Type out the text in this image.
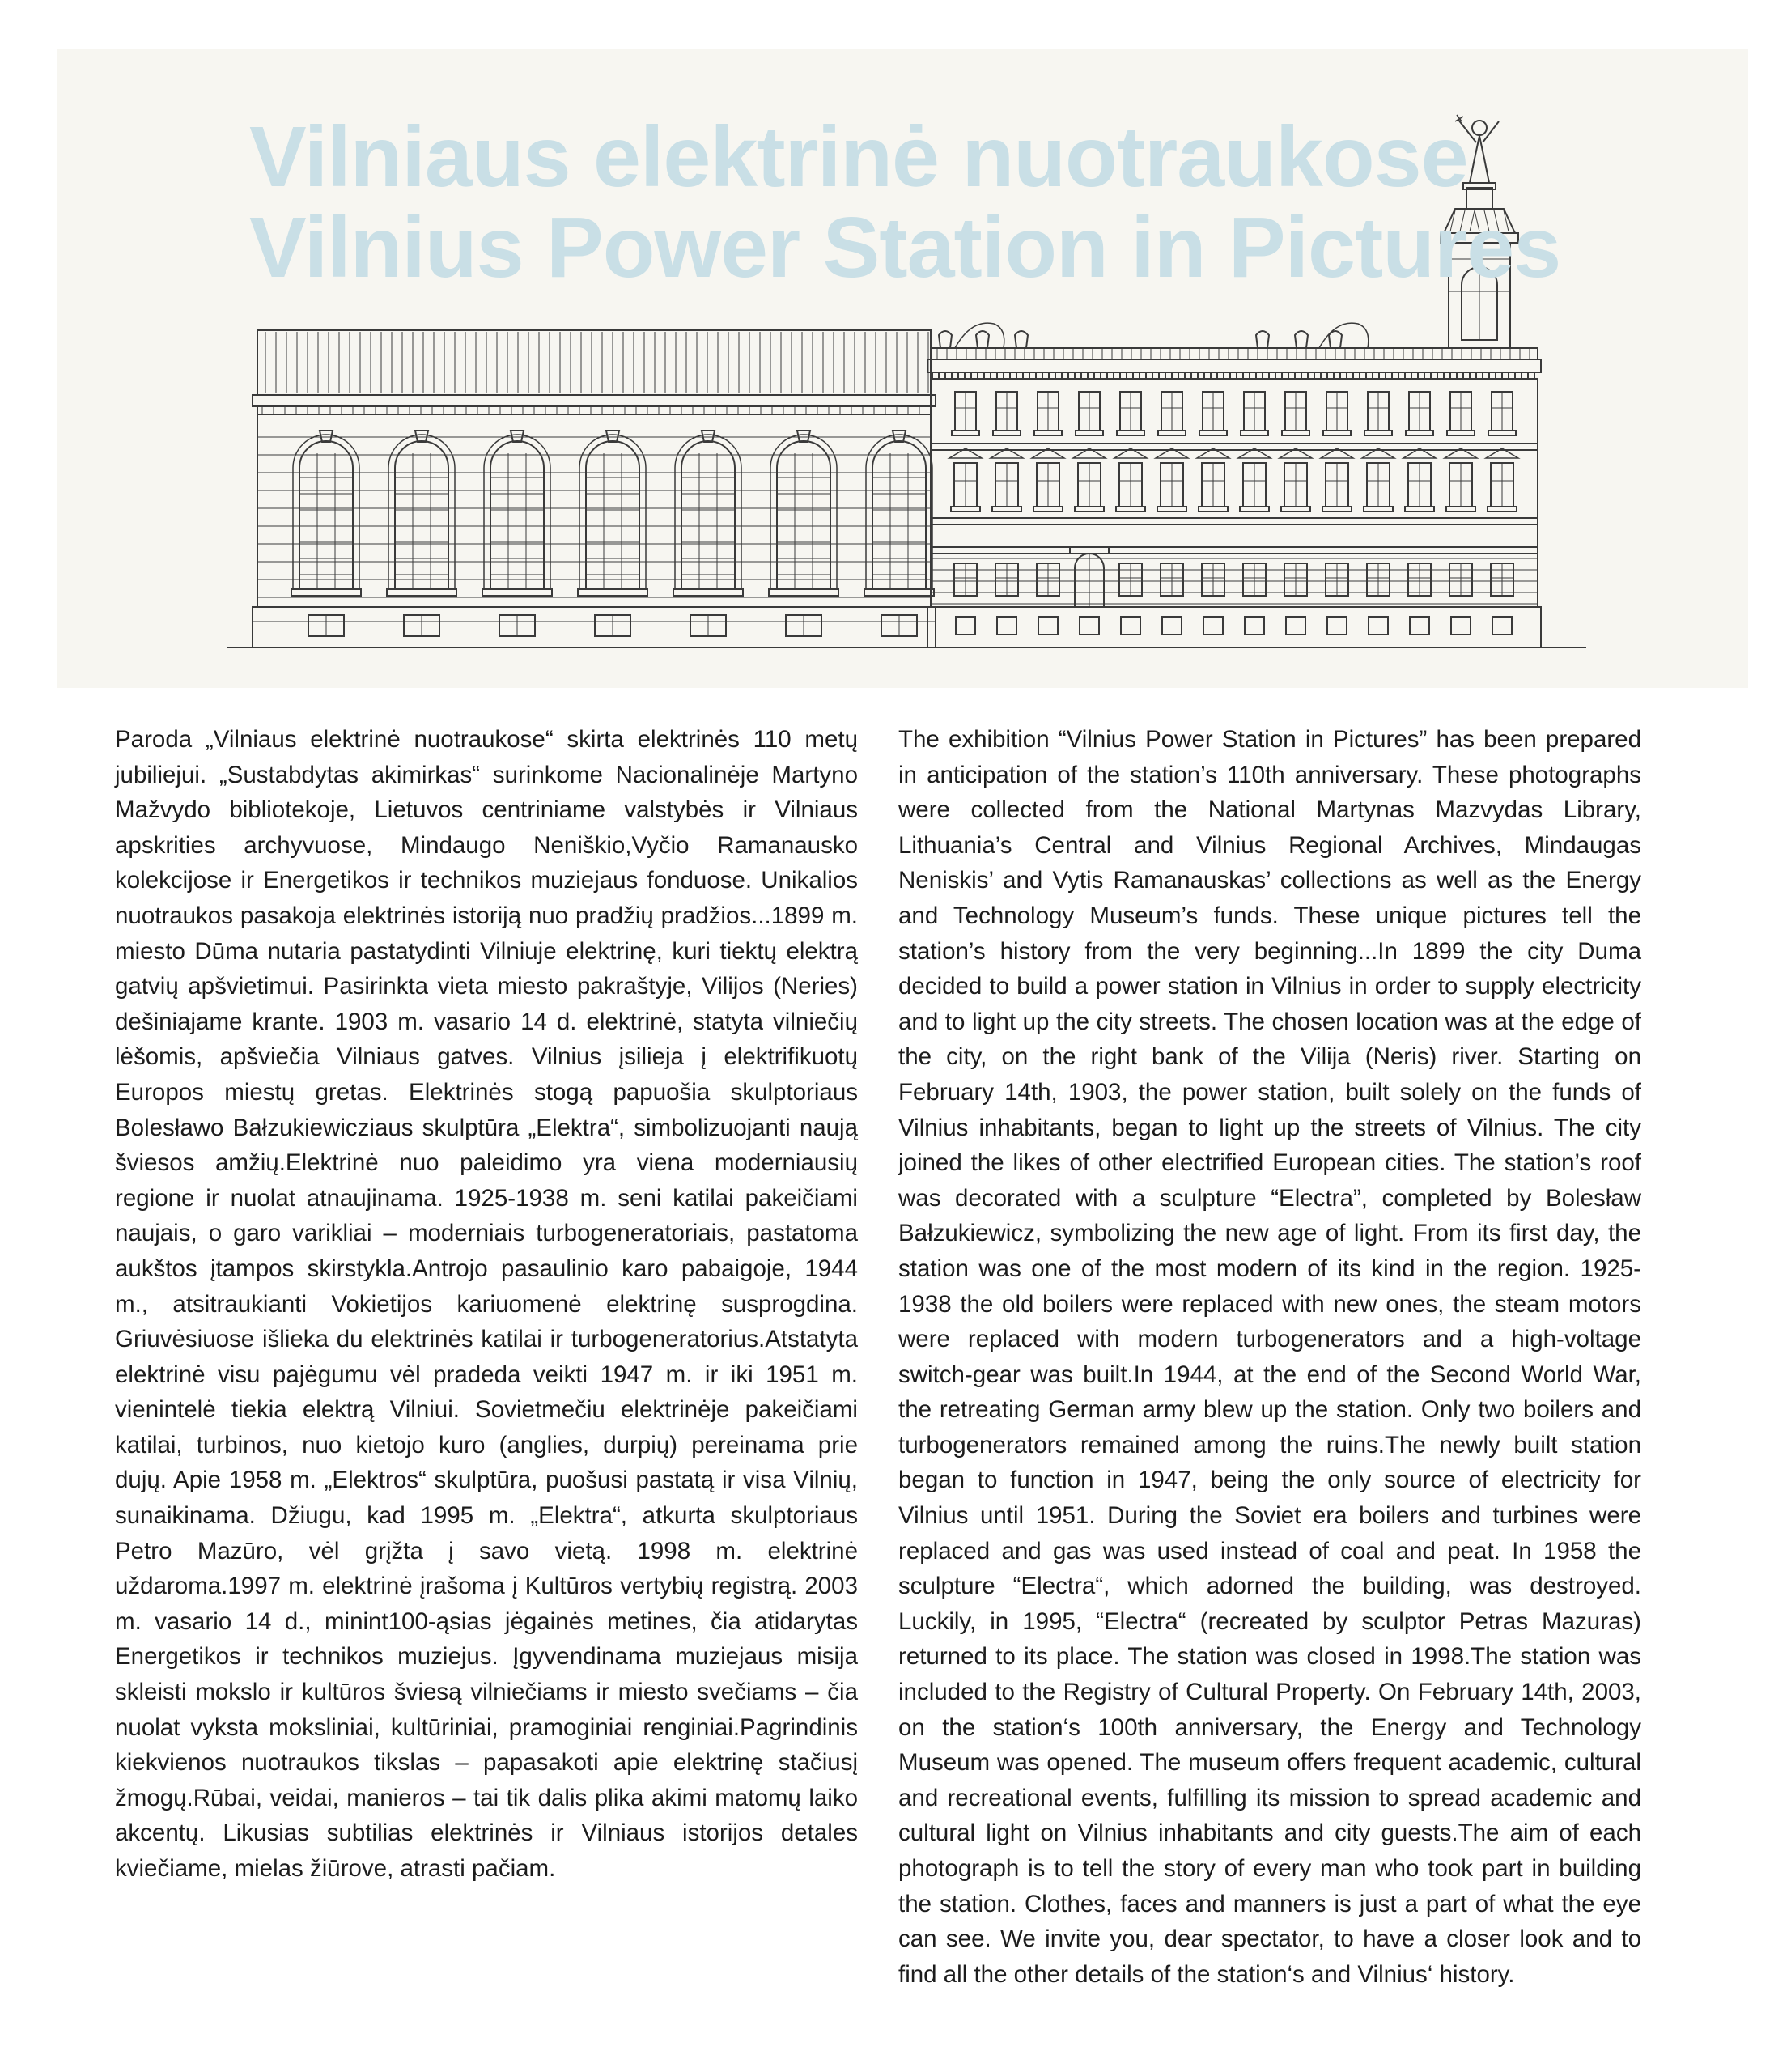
Vilniaus elektrinė nuotraukose
Vilnius Power Station in Pictures

Paroda „Vilniaus elektrinė nuotraukose“ skirta elektrinės 110 metų jubiliejui. „Sustabdytas akimirkas“ surinkome Nacionalinėje Martyno Mažvydo bibliotekoje, Lietuvos centriniame valstybės ir Vilniaus apskrities archyvuose, Mindaugo Neniškio,Vyčio Ramanausko kolekcijose ir Energetikos ir technikos muziejaus fonduose. Unikalios nuotraukos pasakoja elektrinės istoriją nuo pradžių pradžios...1899 m. miesto Dūma nutaria pastatydinti Vilniuje elektrinę, kuri tiektų elektrą gatvių apšvietimui. Pasirinkta vieta miesto pakraštyje, Vilijos (Neries) dešiniajame krante. 1903 m. vasario 14 d. elektrinė, statyta vilniečių lėšomis, apšviečia Vilniaus gatves. Vilnius įsilieja į elektrifikuotų Europos miestų gretas. Elektrinės stogą papuošia skulptoriaus Bolesławo Bałzukiewicziaus skulptūra „Elektra“, simbolizuojanti naują šviesos amžių.Elektrinė nuo paleidimo yra viena moderniausių regione ir nuolat atnaujinama. 1925-1938 m. seni katilai pakeičiami naujais, o garo varikliai – moderniais turbogeneratoriais, pastatoma aukštos įtampos skirstykla.Antrojo pasaulinio karo pabaigoje, 1944 m., atsitraukianti Vokietijos kariuomenė elektrinę susprogdina. Griuvėsiuose išlieka du elektrinės katilai ir turbogeneratorius.Atstatyta elektrinė visu pajėgumu vėl pradeda veikti 1947 m. ir iki 1951 m. vienintelė tiekia elektrą Vilniui. Sovietmečiu elektrinėje pakeičiami katilai, turbinos, nuo kietojo kuro (anglies, durpių) pereinama prie dujų. Apie 1958 m. „Elektros“ skulptūra, puošusi pastatą ir visa Vilnių, sunaikinama. Džiugu, kad 1995 m. „Elektra“, atkurta skulptoriaus Petro Mazūro, vėl grįžta į savo vietą. 1998 m. elektrinė uždaroma.1997 m. elektrinė įrašoma į Kultūros vertybių registrą. 2003 m. vasario 14 d., minint100-ąsias jėgainės metines, čia atidarytas Energetikos ir technikos muziejus. Įgyvendinama muziejaus misija skleisti mokslo ir kultūros šviesą vilniečiams ir miesto svečiams – čia nuolat vyksta moksliniai, kultūriniai, pramoginiai renginiai.Pagrindinis kiekvienos nuotraukos tikslas – papasakoti apie elektrinę stačiusį žmogų.Rūbai, veidai, manieros – tai tik dalis plika akimi matomų laiko akcentų. Likusias subtilias elektrinės ir Vilniaus istorijos detales kviečiame, mielas žiūrove, atrasti pačiam.

The exhibition “Vilnius Power Station in Pictures” has been prepared in anticipation of the station’s 110th anniversary. These photographs were collected from the National Martynas Mazvydas Library, Lithuania’s Central and Vilnius Regional Archives, Mindaugas Neniskis’ and Vytis Ramanauskas’ collections as well as the Energy and Technology Museum’s funds. These unique pictures tell the station’s history from the very beginning...In 1899 the city Duma decided to build a power station in Vilnius in order to supply electricity and to light up the city streets. The chosen location was at the edge of the city, on the right bank of the Vilija (Neris) river. Starting on February 14th, 1903, the power station, built solely on the funds of Vilnius inhabitants, began to light up the streets of Vilnius. The city joined the likes of other electrified European cities. The station’s roof was decorated with a sculpture “Electra”, completed by Bolesław Bałzukiewicz, symbolizing the new age of light. From its first day, the station was one of the most modern of its kind in the region. 1925-1938 the old boilers were replaced with new ones, the steam motors were replaced with modern turbogenerators and a high-voltage switch-gear was built.In 1944, at the end of the Second World War, the retreating German army blew up the station. Only two boilers and turbogenerators remained among the ruins.The newly built station began to function in 1947, being the only source of electricity for Vilnius until 1951. During the Soviet era boilers and turbines were replaced and gas was used instead of coal and peat. In 1958 the sculpture “Electra“, which adorned the building, was destroyed. Luckily, in 1995, “Electra“ (recreated by sculptor Petras Mazuras) returned to its place. The station was closed in 1998.The station was included to the Registry of Cultural Property. On February 14th, 2003, on the station‘s 100th anniversary, the Energy and Technology Museum was opened. The museum offers frequent academic, cultural and recreational events, fulfilling its mission to spread academic and cultural light on Vilnius inhabitants and city guests.The aim of each photograph is to tell the story of every man who took part in building the station. Clothes, faces and manners is just a part of what the eye can see. We invite you, dear spectator, to have a closer look and to find all the other details of the station‘s and Vilnius‘ history.
